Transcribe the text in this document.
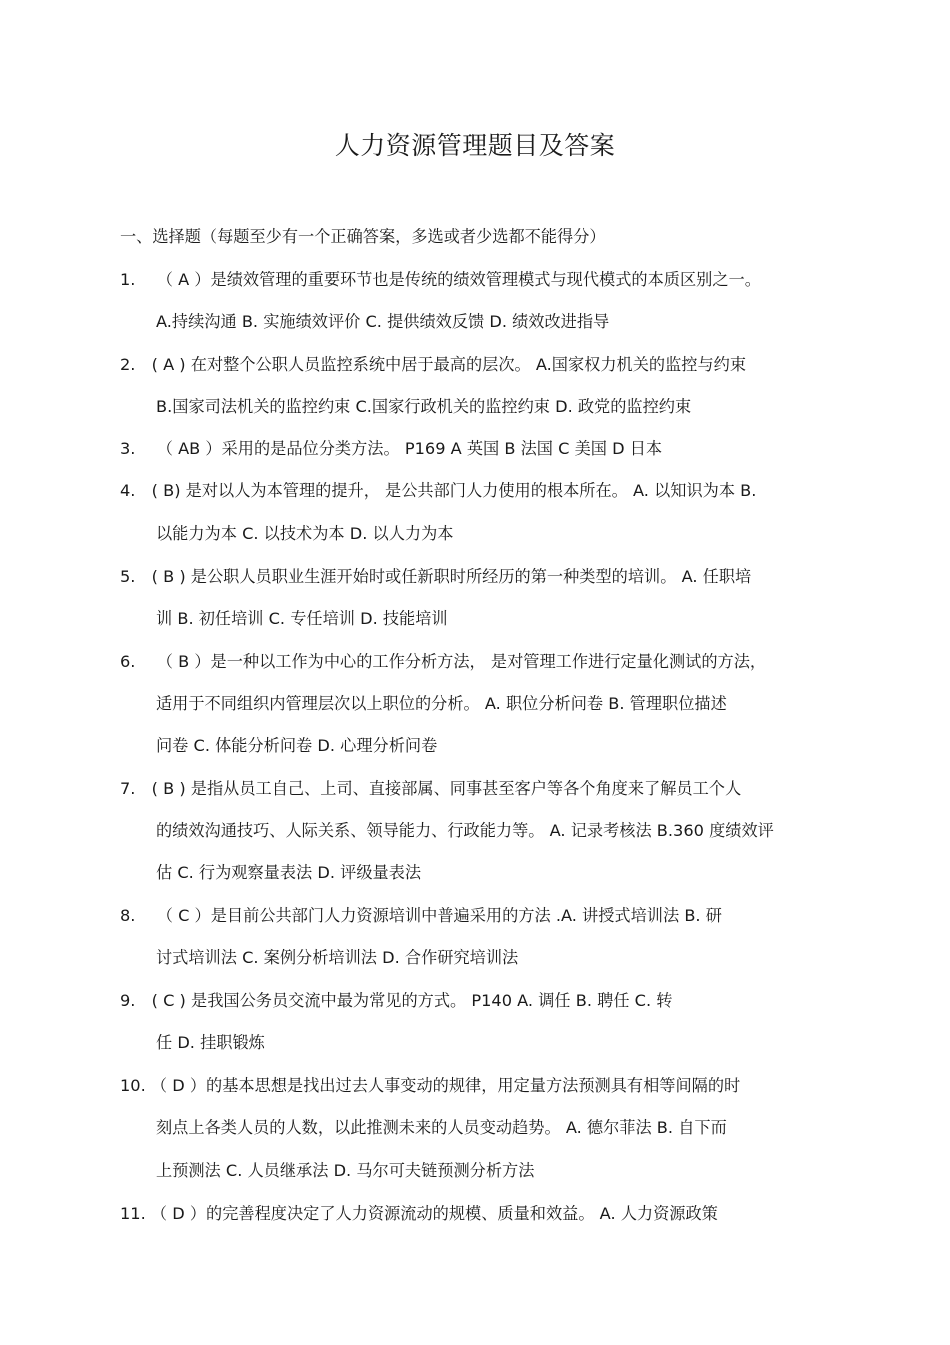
人力资源管理题目及答案
一、选择题（每题至少有一个正确答案，多选或者少选都不能得分）
1.　 （ A ）是绩效管理的重要环节也是传统的绩效管理模式与现代模式的本质区别之一。
A.持续沟通 B. 实施绩效评价 C. 提供绩效反馈 D. 绩效改进指导
2.　( A ) 在对整个公职人员监控系统中居于最高的层次。 A.国家权力机关的监控与约束
B.国家司法机关的监控约束 C.国家行政机关的监控约束 D. 政党的监控约束
3.　 （ AB ）采用的是品位分类方法。 P169 A 英国 B 法国 C 美国 D 日本
4.　( B) 是对以人为本管理的提升， 是公共部门人力使用的根本所在。 A. 以知识为本 B.
以能力为本 C. 以技术为本 D. 以人力为本
5.　( B ) 是公职人员职业生涯开始时或任新职时所经历的第一种类型的培训。 A. 任职培
训 B. 初任培训 C. 专任培训 D. 技能培训
6.　 （ B ）是一种以工作为中心的工作分析方法， 是对管理工作进行定量化测试的方法，
适用于不同组织内管理层次以上职位的分析。 A. 职位分析问卷 B. 管理职位描述
问卷 C. 体能分析问卷 D. 心理分析问卷
7.　( B ) 是指从员工自己、上司、直接部属、同事甚至客户等各个角度来了解员工个人
的绩效沟通技巧、人际关系、领导能力、行政能力等。 A. 记录考核法 B.360 度绩效评
估 C. 行为观察量表法 D. 评级量表法
8.　 （ C ）是目前公共部门人力资源培训中普遍采用的方法 .A. 讲授式培训法 B. 研
讨式培训法 C. 案例分析培训法 D. 合作研究培训法
9.　( C ) 是我国公务员交流中最为常见的方式。 P140 A. 调任 B. 聘任 C. 转
任 D. 挂职锻炼
10. （ D ）的基本思想是找出过去人事变动的规律，用定量方法预测具有相等间隔的时
刻点上各类人员的人数，以此推测未来的人员变动趋势。 A. 德尔菲法 B. 自下而
上预测法 C. 人员继承法 D. 马尔可夫链预测分析方法
11. （ D ）的完善程度决定了人力资源流动的规模、质量和效益。 A. 人力资源政策
